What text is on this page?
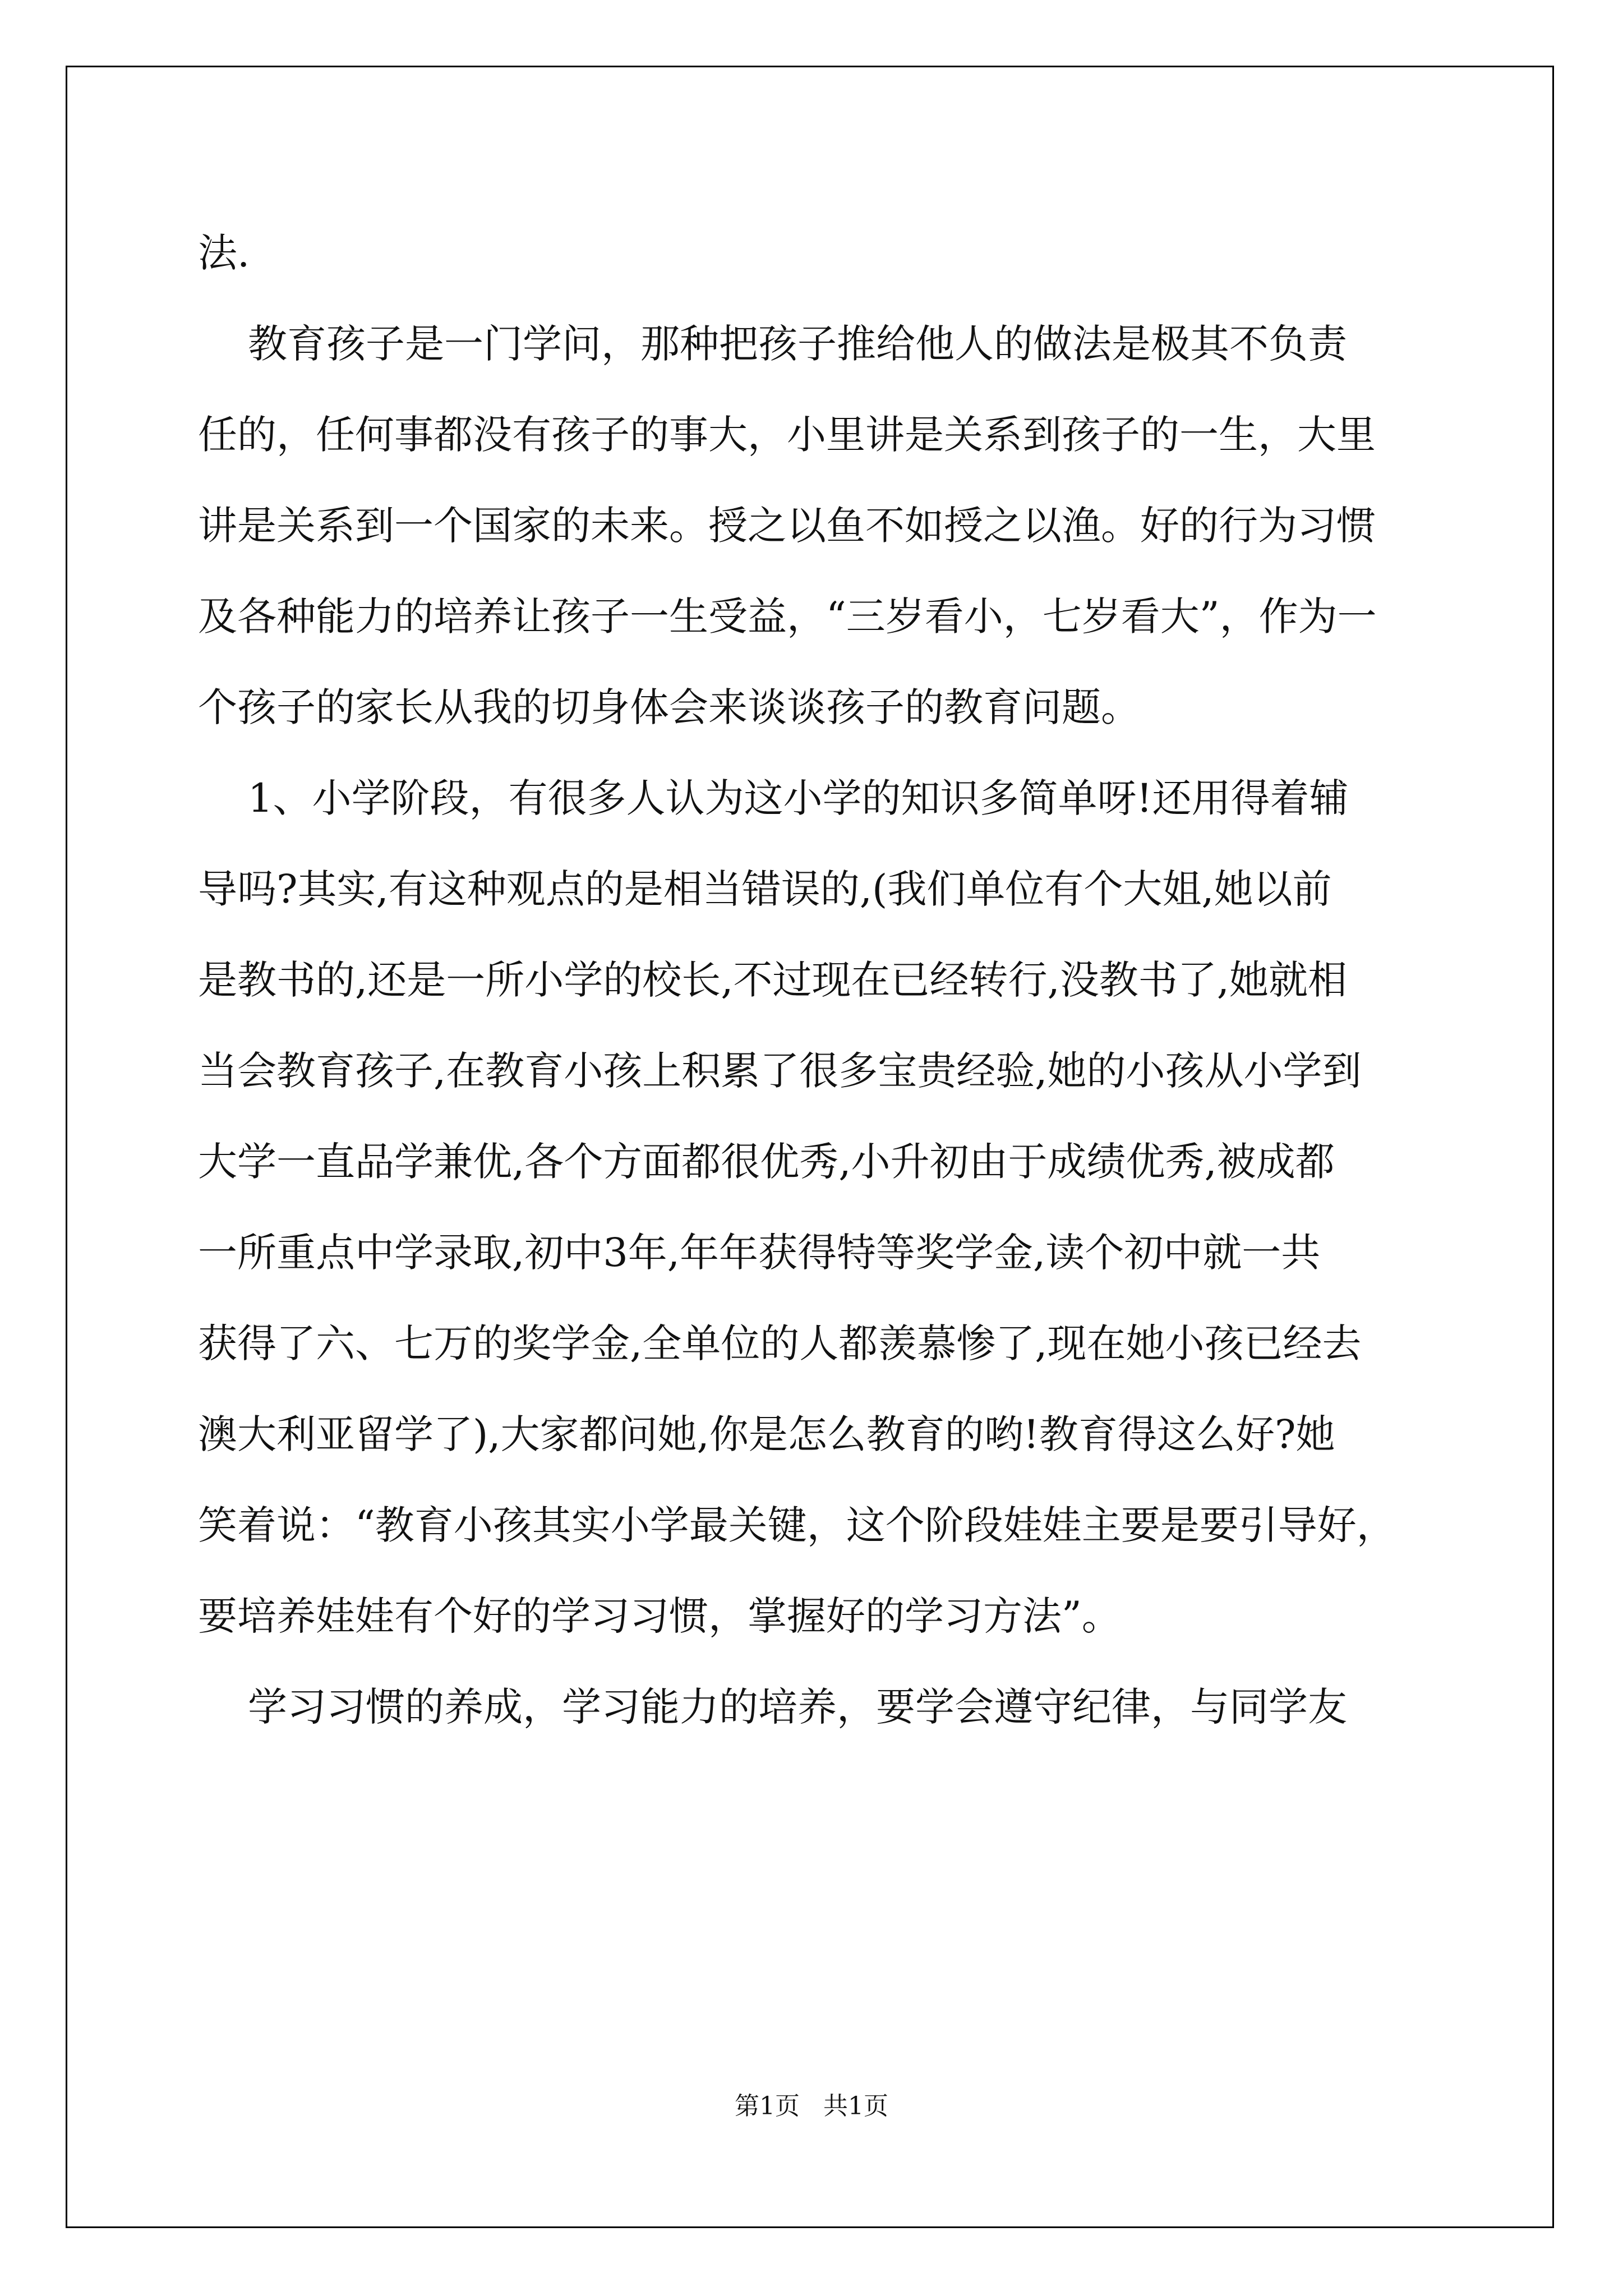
法.
教育孩子是一门学问，那种把孩子推给他人的做法是极其不负责
任的，任何事都没有孩子的事大，小里讲是关系到孩子的一生，大里
讲是关系到一个国家的未来。授之以鱼不如授之以渔。好的行为习惯
及各种能力的培养让孩子一生受益，“三岁看小，七岁看大”，作为一
个孩子的家长从我的切身体会来谈谈孩子的教育问题。
1、小学阶段，有很多人认为这小学的知识多简单呀!还用得着辅
导吗?其实,有这种观点的是相当错误的,(我们单位有个大姐,她以前
是教书的,还是一所小学的校长,不过现在已经转行,没教书了,她就相
当会教育孩子,在教育小孩上积累了很多宝贵经验,她的小孩从小学到
大学一直品学兼优,各个方面都很优秀,小升初由于成绩优秀,被成都
一所重点中学录取,初中3年,年年获得特等奖学金,读个初中就一共
获得了六、七万的奖学金,全单位的人都羡慕惨了,现在她小孩已经去
澳大利亚留学了),大家都问她,你是怎么教育的哟!教育得这么好?她
笑着说：“教育小孩其实小学最关键，这个阶段娃娃主要是要引导好，
要培养娃娃有个好的学习习惯，掌握好的学习方法”。
学习习惯的养成，学习能力的培养，要学会遵守纪律，与同学友
第1页   共1页
